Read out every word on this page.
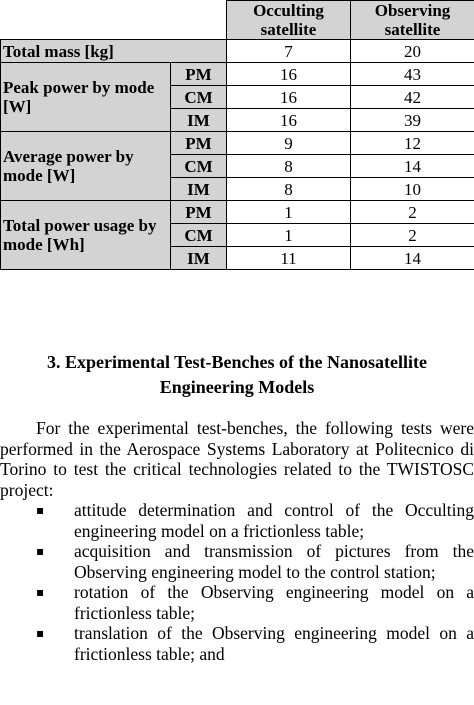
		Occulting satellite	Observing satellite
Total mass [kg]		7	20
Peak power by mode [W]	PM	16	43
	CM	16	42
	IM	16	39
Average power by mode [W]	PM	9	12
	CM	8	14
	IM	8	10
Total power usage by mode [Wh]	PM	1	2
	CM	1	2
	IM	11	14
3. Experimental Test-Benches of the Nanosatellite Engineering Models

For the experimental test-benches, the following tests were performed in the Aerospace Systems Laboratory at Politecnico di Torino to test the critical technologies related to the TWISTOSC project:

▪ attitude determination and control of the Occulting engineering model on a frictionless table;
▪ acquisition and transmission of pictures from the Observing engineering model to the control station;
▪ rotation of the Observing engineering model on a frictionless table;
▪ translation of the Observing engineering model on a frictionless table; and
